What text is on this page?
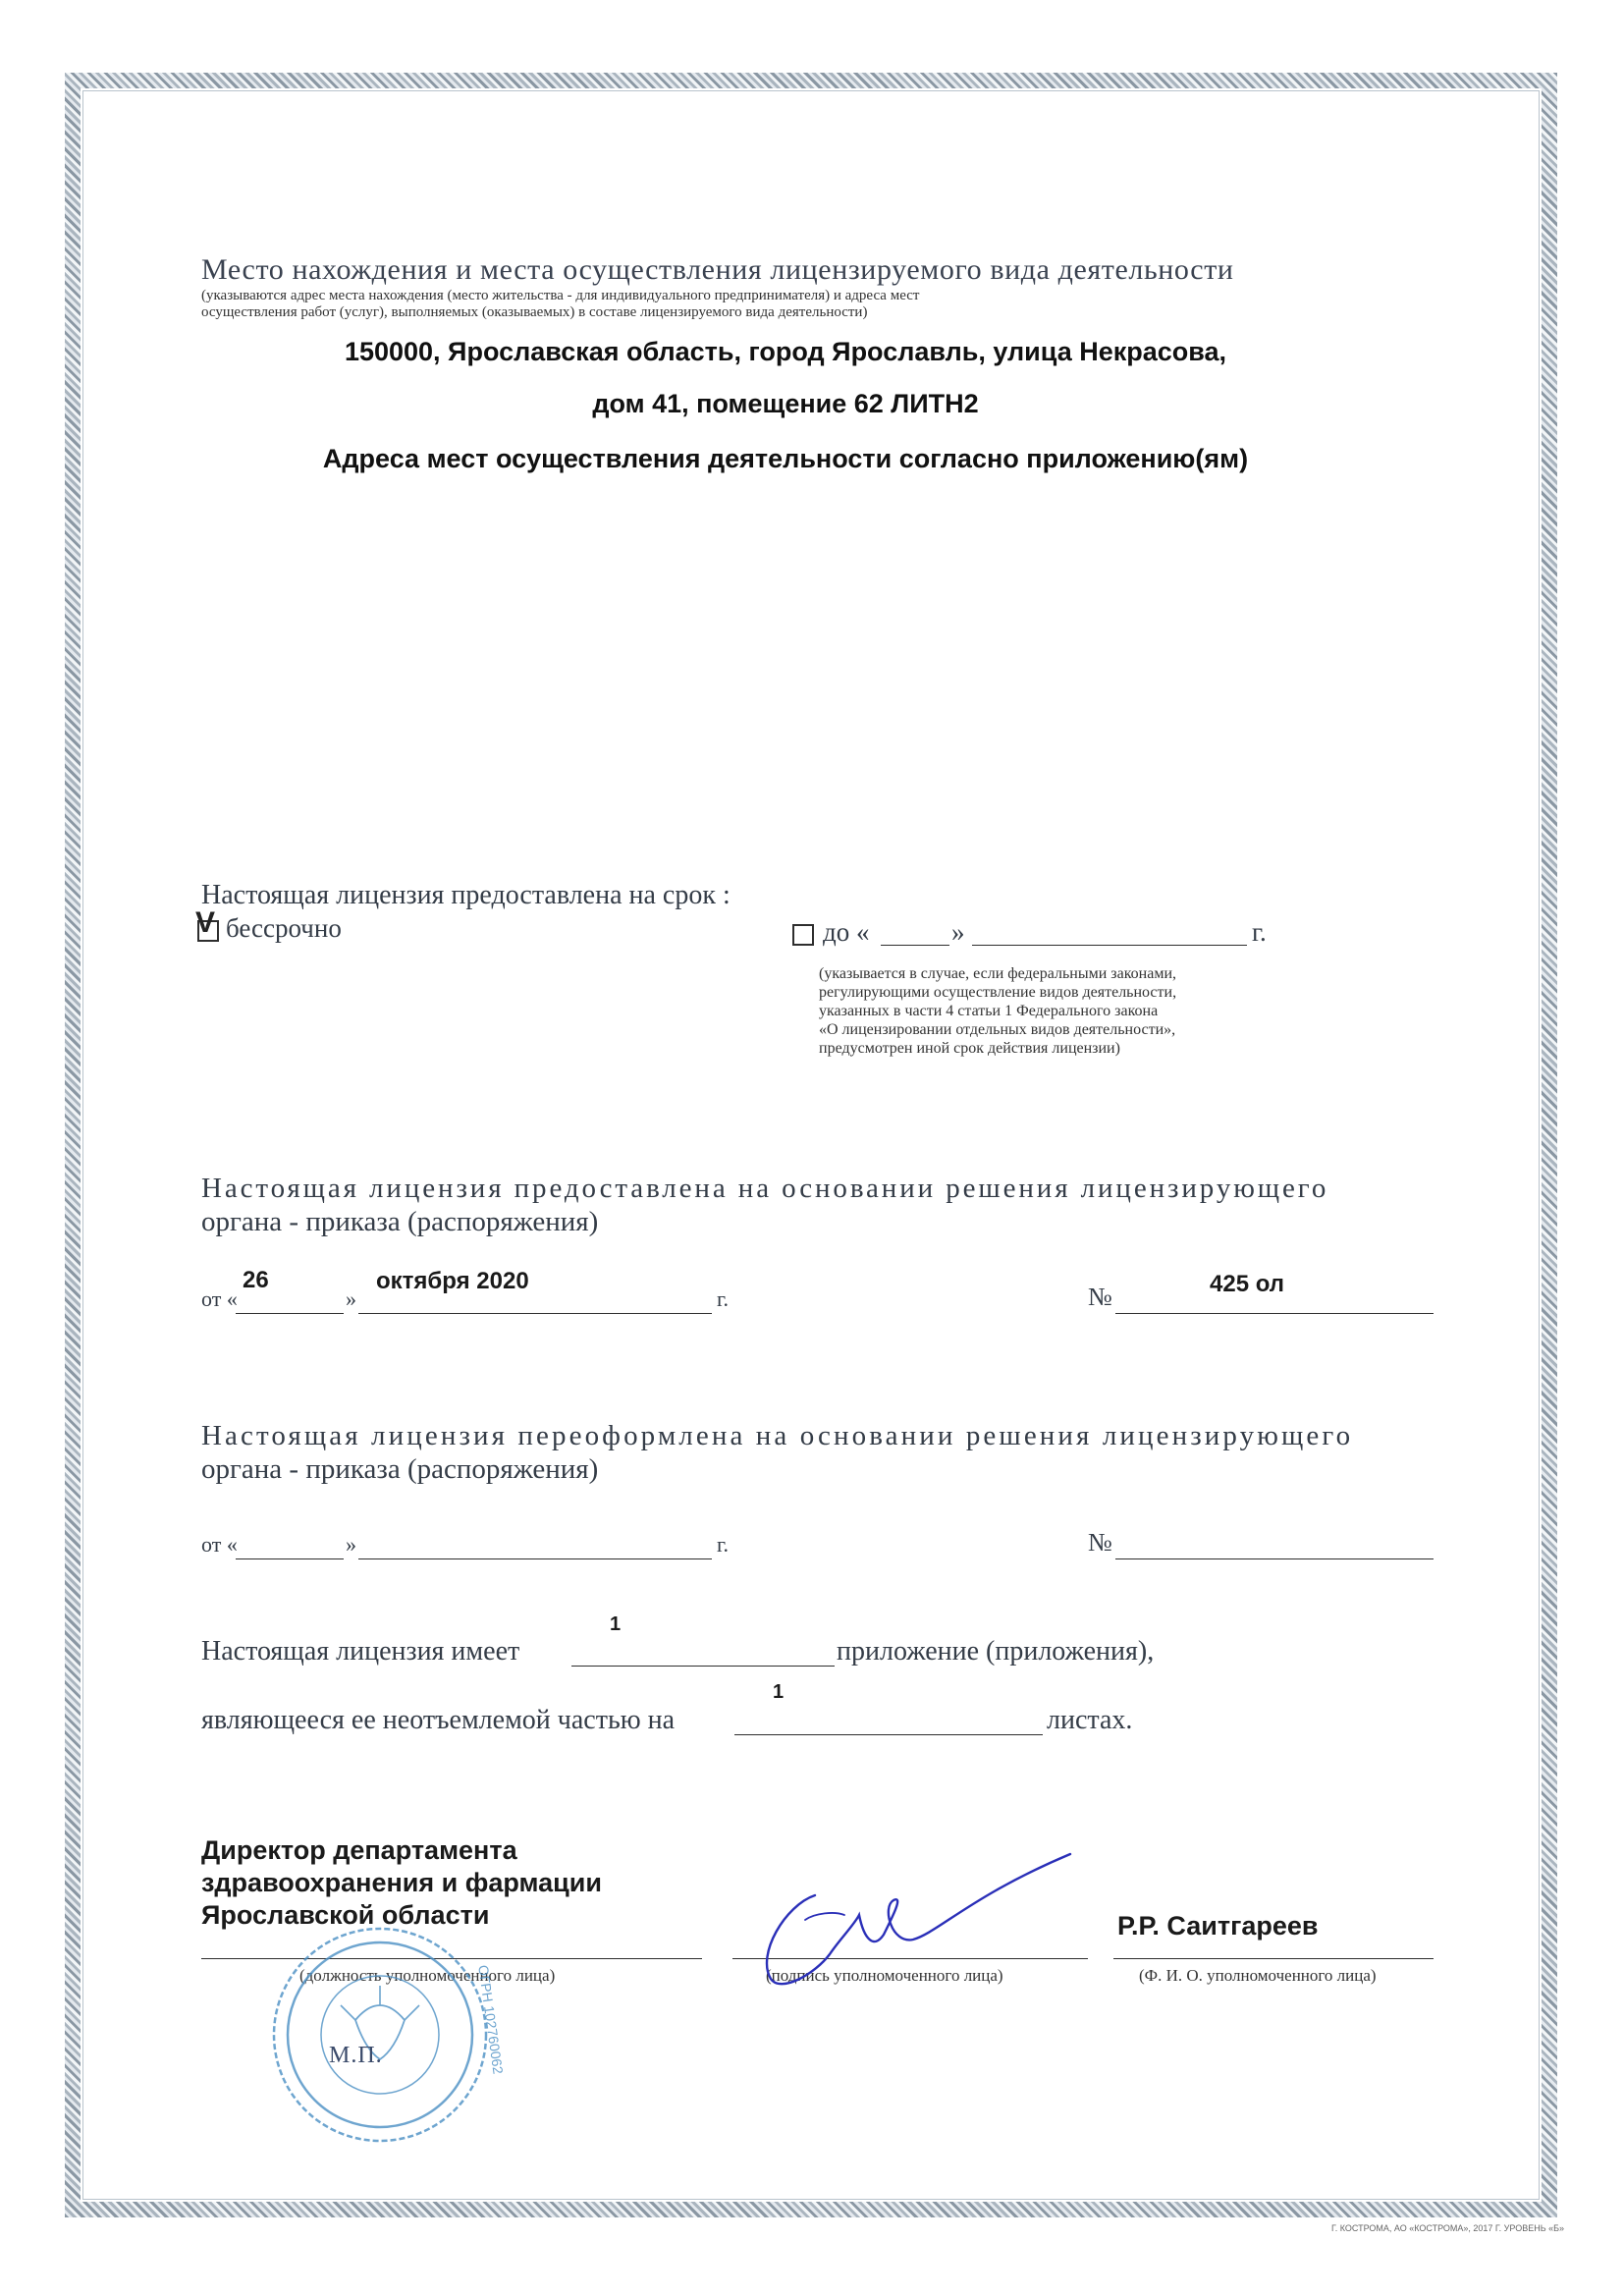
Место нахождения и места осуществления лицензируемого вида деятельности
(указываются адрес места нахождения (место жительства - для индивидуального предпринимателя) и адреса мест
осуществления работ (услуг), выполняемых (оказываемых) в составе лицензируемого вида деятельности)
150000, Ярославская область, город Ярославль, улица Некрасова,
дом 41, помещение 62 ЛИТН2
Адреса мест осуществления деятельности согласно приложению(ям)
Настоящая лицензия предоставлена на срок :
V бессрочно	до «	»	г.
(указывается в случае, если федеральными законами,
регулирующими осуществление видов деятельности,
указанных в части 4 статьи 1 Федерального закона
«О лицензировании отдельных видов деятельности»,
предусмотрен иной срок действия лицензии)
Настоящая лицензия предоставлена на основании решения лицензирующего
органа - приказа (распоряжения)
от «
26
»
октября 2020
г.	№	425 ол
Настоящая лицензия переоформлена на основании решения лицензирующего
органа - приказа (распоряжения)
от «	»	г.	№
Настоящая лицензия имеет
1
приложение (приложения),
являющееся ее неотъемлемой частью на
1
листах.
Директор департамента
здравоохранения и фармации
Ярославской области	Р.Р. Саитгареев
(должность уполномоченного лица)	(подпись уполномоченного лица)	(Ф. И. О. уполномоченного лица)
М.П.	ОГРН 102760062
Г. КОСТРОМА, АО «КОСТРОМА», 2017 Г. УРОВЕНЬ «Б»
